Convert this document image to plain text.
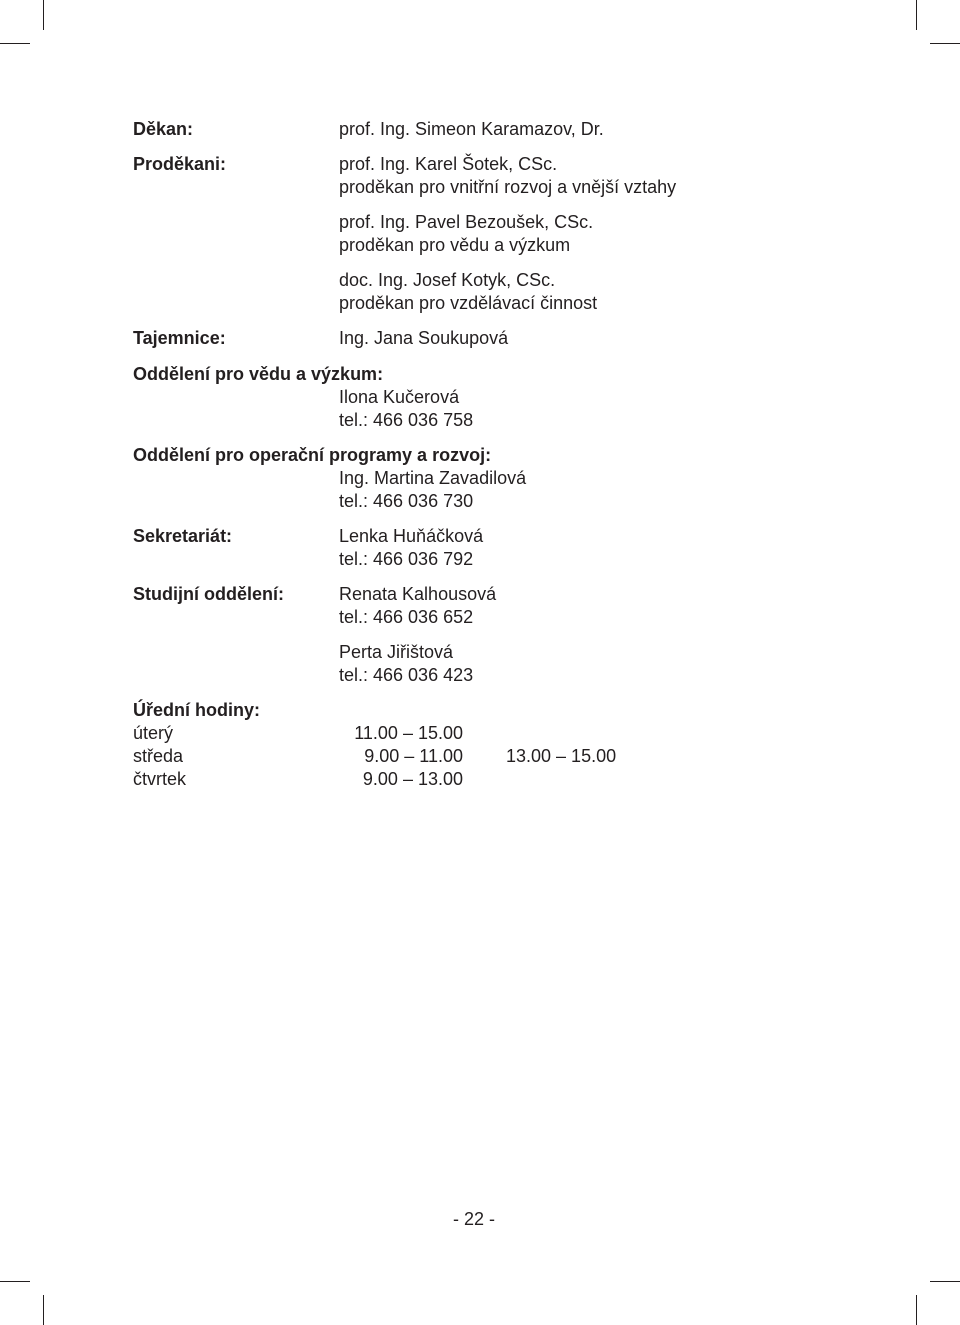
Děkan:	prof. Ing. Simeon Karamazov, Dr.
Proděkani:	prof. Ing. Karel Šotek, CSc.
proděkan pro vnitřní rozvoj a vnější vztahy
prof. Ing. Pavel Bezoušek, CSc.
proděkan pro vědu a výzkum
doc. Ing. Josef Kotyk, CSc.
proděkan pro vzdělávací činnost
Tajemnice:	Ing. Jana Soukupová
Oddělení pro vědu a výzkum:
Ilona Kučerová
tel.: 466 036 758
Oddělení pro operační programy a rozvoj:
Ing. Martina Zavadilová
tel.: 466 036 730
Sekretariát:	Lenka Huňáčková
tel.: 466 036 792
Studijní oddělení:	Renata Kalhousová
tel.: 466 036 652
Perta Jiřištová
tel.: 466 036 423
Úřední hodiny:
úterý	11.00 – 15.00
středa	9.00 – 11.00 13.00 – 15.00
čtvrtek	9.00 – 13.00
- 22 -
